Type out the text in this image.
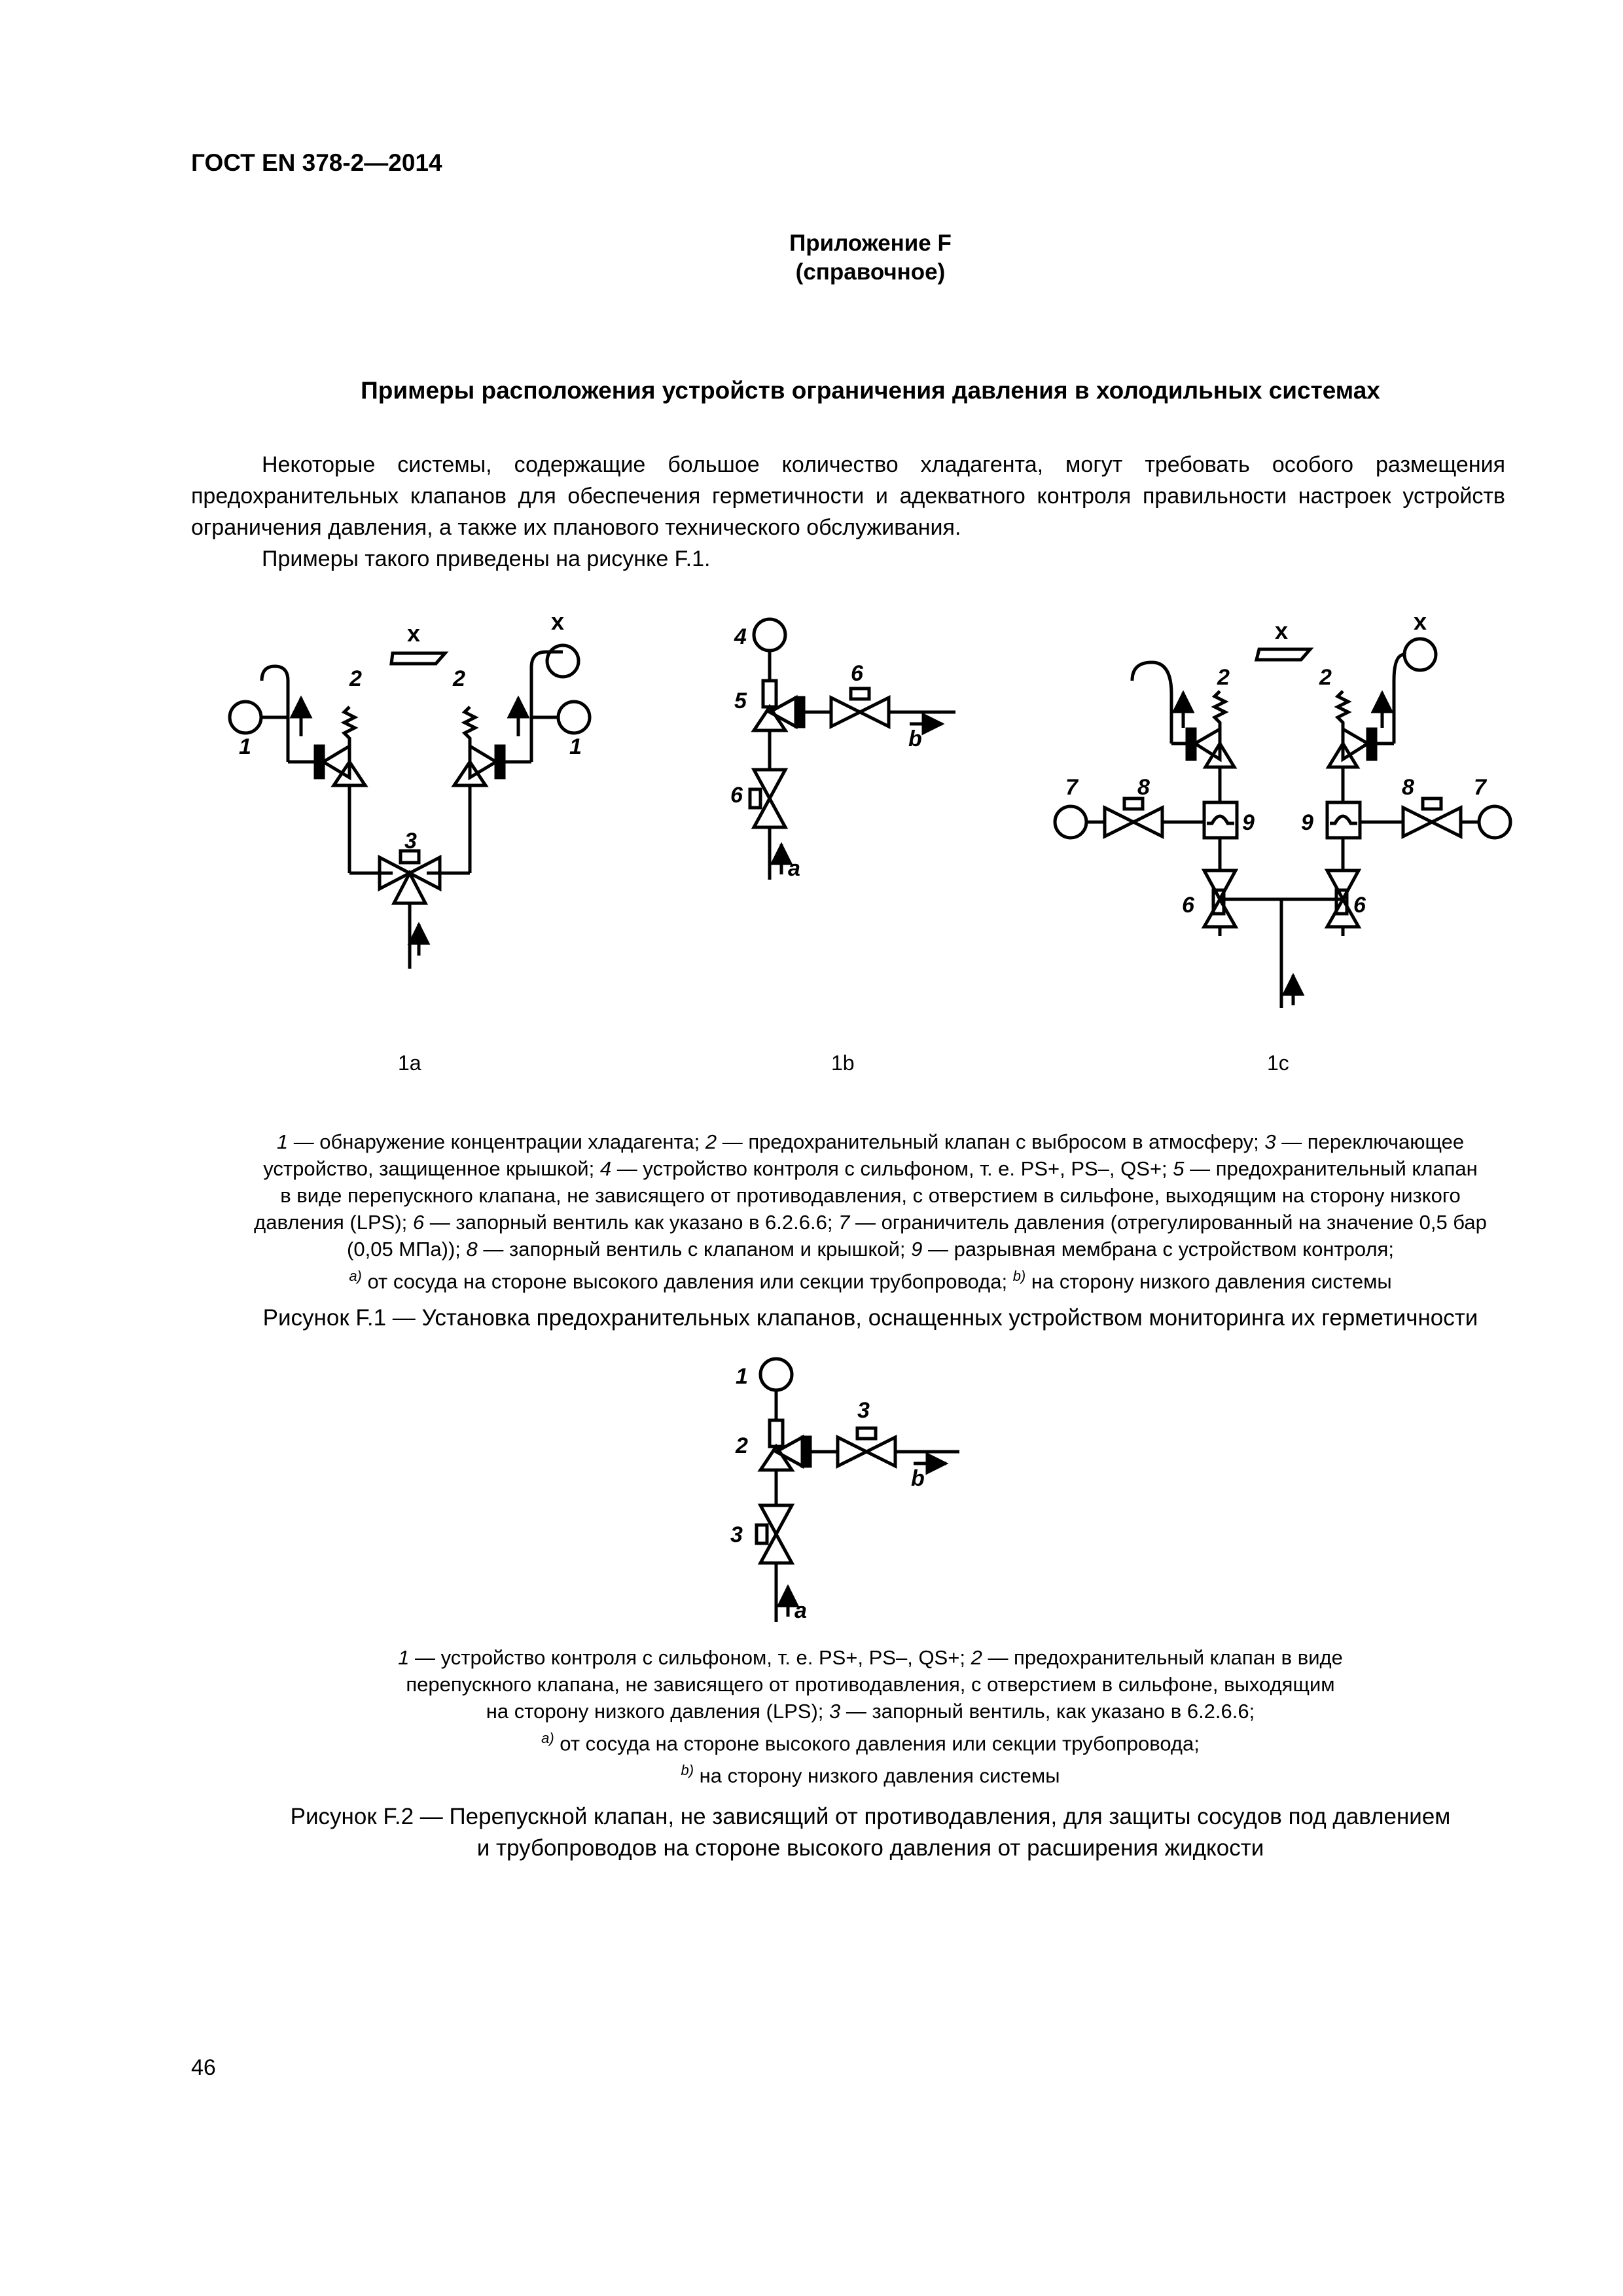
ГОСТ EN 378-2—2014
Приложение F
(справочное)
Примеры расположения устройств ограничения давления в холодильных системах
Некоторые системы, содержащие большое количество хладагента, могут требовать особого размещения предохранительных клапанов для обеспечения герметичности и адекватного контроля правильности настроек устройств ограничения давления, а также их планового технического обслуживания.
Примеры такого приведены на рисунке F.1.
1
2	2
1
3
x	x
4
5
6
6
b
a
x	x
2	2
7	8
9 9
8	7
6	6
1a	1b	1c
1 — обнаружение концентрации хладагента; 2 — предохранительный клапан с выбросом в атмосферу; 3 — переключающее
устройство, защищенное крышкой; 4 — устройство контроля с сильфоном, т. е. PS+, PS–, QS+; 5 — предохранительный клапан
в виде перепускного клапана, не зависящего от противодавления, с отверстием в сильфоне, выходящим на сторону низкого
давления (LPS); 6 — запорный вентиль как указано в 6.2.6.6; 7 — ограничитель давления (отрегулированный на значение 0,5 бар
(0,05 МПа)); 8 — запорный вентиль с клапаном и крышкой; 9 — разрывная мембрана с устройством контроля;
$^{a)}$ от сосуда на стороне высокого давления или секции трубопровода; $^{b)}$ на сторону низкого давления системы
Рисунок F.1 — Установка предохранительных клапанов, оснащенных устройством мониторинга их герметичности
1
2
3
3
b
a
1 — устройство контроля с сильфоном, т. е. PS+, PS–, QS+; 2 — предохранительный клапан в виде
перепускного клапана, не зависящего от противодавления, с отверстием в сильфоне, выходящим
на сторону низкого давления (LPS); 3 — запорный вентиль, как указано в 6.2.6.6;
$^{a)}$ от сосуда на стороне высокого давления или секции трубопровода;
$^{b)}$ на сторону низкого давления системы
Рисунок F.2 — Перепускной клапан, не зависящий от противодавления, для защиты сосудов под давлением
и трубопроводов на стороне высокого давления от расширения жидкости
46
